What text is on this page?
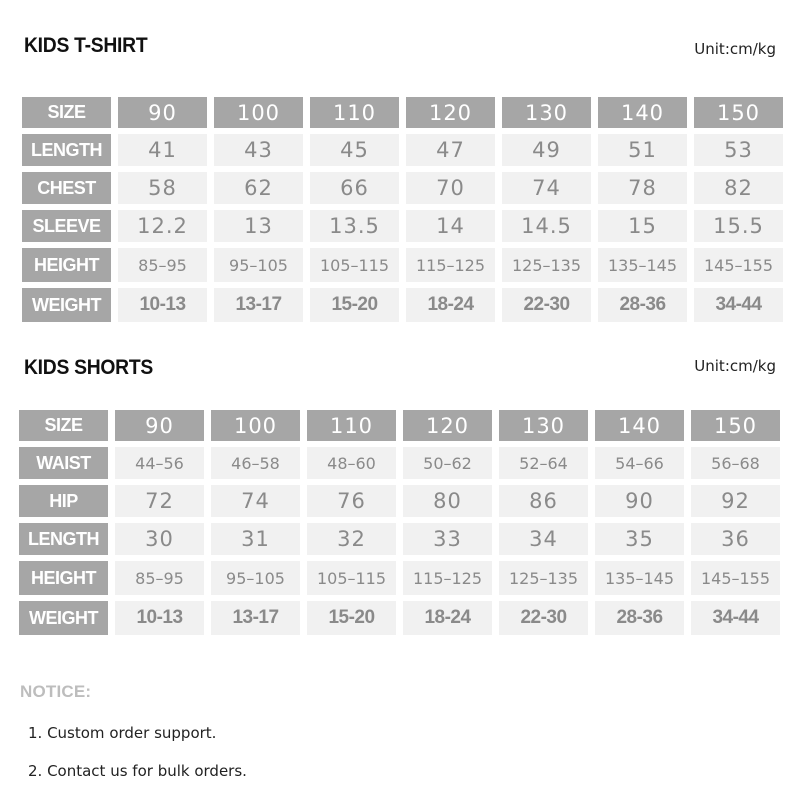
KIDS T-SHIRT	Unit:cm/kg
SIZE	90	100	110	120	130	140	150
LENGTH	41	43	45	47	49	51	53
CHEST	58	62	66	70	74	78	82
SLEEVE	12.2	13	13.5	14	14.5	15	15.5
HEIGHT	85–95	95–105	105–115	115–125	125–135	135–145	145–155
WEIGHT	10-13	13-17	15-20	18-24	22-30	28-36	34-44
KIDS SHORTS	Unit:cm/kg
SIZE	90	100	110	120	130	140	150
WAIST	44–56	46–58	48–60	50–62	52–64	54–66	56–68
HIP	72	74	76	80	86	90	92
LENGTH	30	31	32	33	34	35	36
HEIGHT	85–95	95–105	105–115	115–125	125–135	135–145	145–155
WEIGHT	10-13	13-17	15-20	18-24	22-30	28-36	34-44
NOTICE:
1. Custom order support.
2. Contact us for bulk orders.
